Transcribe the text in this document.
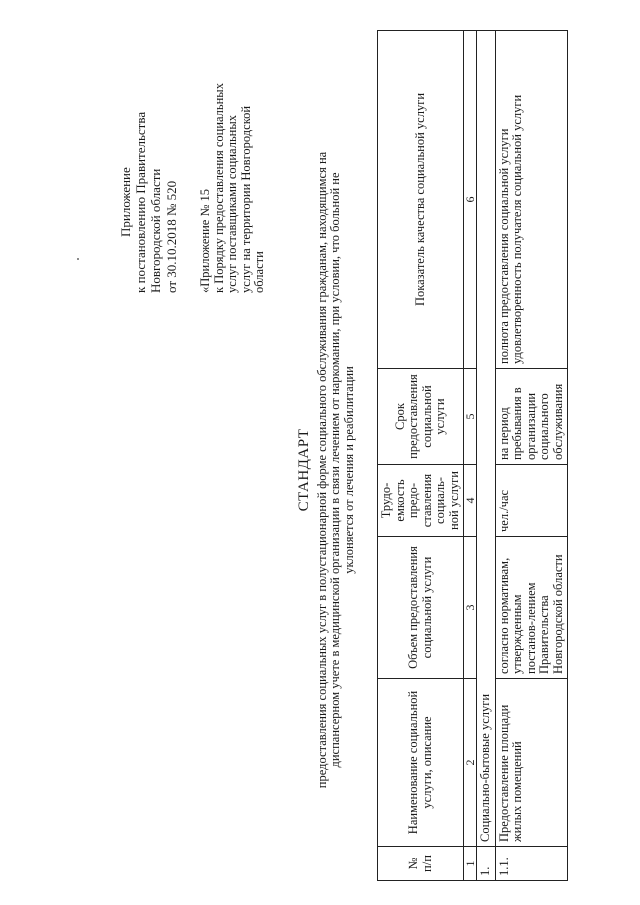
Приложение к постановлению Правительства Новгородской области от 30.10.2018 № 520 «Приложение № 15 к Порядку предоставления социальных услуг поставщиками социальных услуг на территории Новгородской области
СТАНДАРТ предоставления социальных услуг в полустационарной форме социального обслуживания гражданам, находящимся на диспансерном учете в медицинской организации в связи лечением от наркомании, при условии, что больной не уклоняется от лечения и реабилитации
№ п/п	Наименование социальной услуги, описание	Объем предоставления социальной услуги	Трудо-емкость предо-ставления социаль-ной услуги	Срок предоставления социальной услуги	Показатель качества социальной услуги
1	2	3	4	5	6
1.	Социально-бытовые услуги				
1.1.	Предоставление площади жилых помещений	согласно нормативам, утвержденным постанов-лением Правительства Новгородской области	чел./час	на период пребывания в организации социального обслуживания	полнота предоставления социальной услуги удовлетворенность получателя социальной услуги
